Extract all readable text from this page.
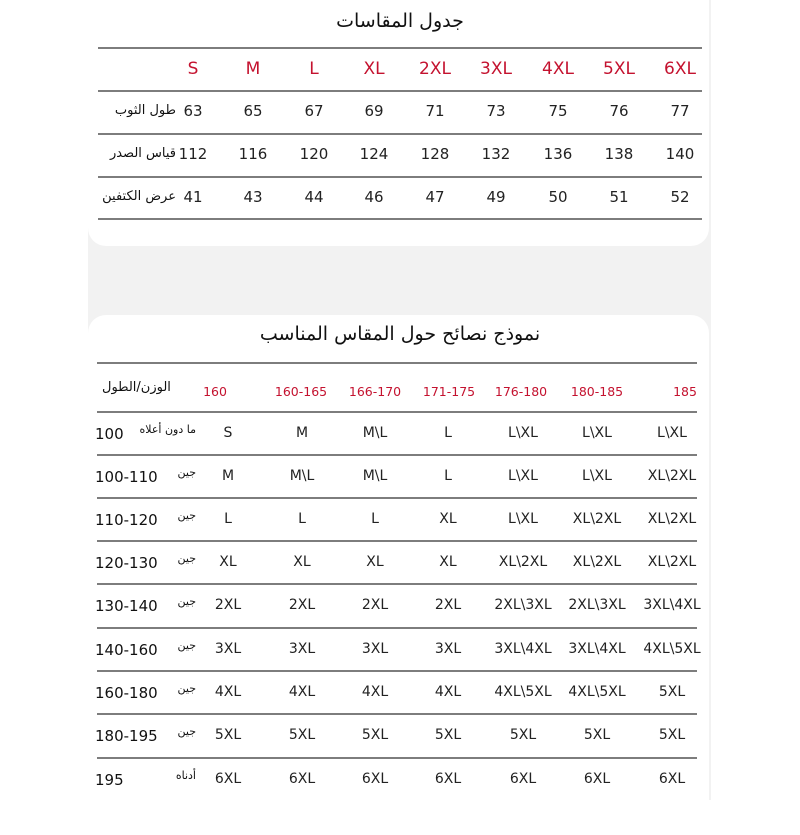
جدول المقاسات
S	M	L	XL 2XL 3XL 4XL 5XL 6XL
طول الثوب 63	65	67	69	71	73	75	76	77
قياس الصدر 112 116 120 124 128 132 136 138 140
عرض الكتفين 41	43	44	46	47	49	50	51	52
نموذج نصائح حول المقاس المناسب
الوزن/الطول	160	160-165 166-170 171-175 176-180 180-185	185
100 ما دون أعلاه S	M	M\L	L	L\XL	L\XL	L\XL
100-110 جين M	M\L	M\L	L	L\XL	L\XL	XL\2XL
110-120 جين L	L	L	XL	L\XL XL\2XL XL\2XL
120-130 جين XL	XL	XL	XL	XL\2XL XL\2XL XL\2XL
130-140 جين 2XL	2XL	2XL	2XL 2XL\3XL 2XL\3XL 3XL\4XL
140-160 جين 3XL	3XL	3XL	3XL 3XL\4XL 3XL\4XL 4XL\5XL
160-180 جين 4XL	4XL	4XL	4XL 4XL\5XL 4XL\5XL 5XL
180-195 جين 5XL	5XL	5XL	5XL	5XL	5XL	5XL
195	أدناه 6XL	6XL	6XL	6XL	6XL	6XL	6XL
